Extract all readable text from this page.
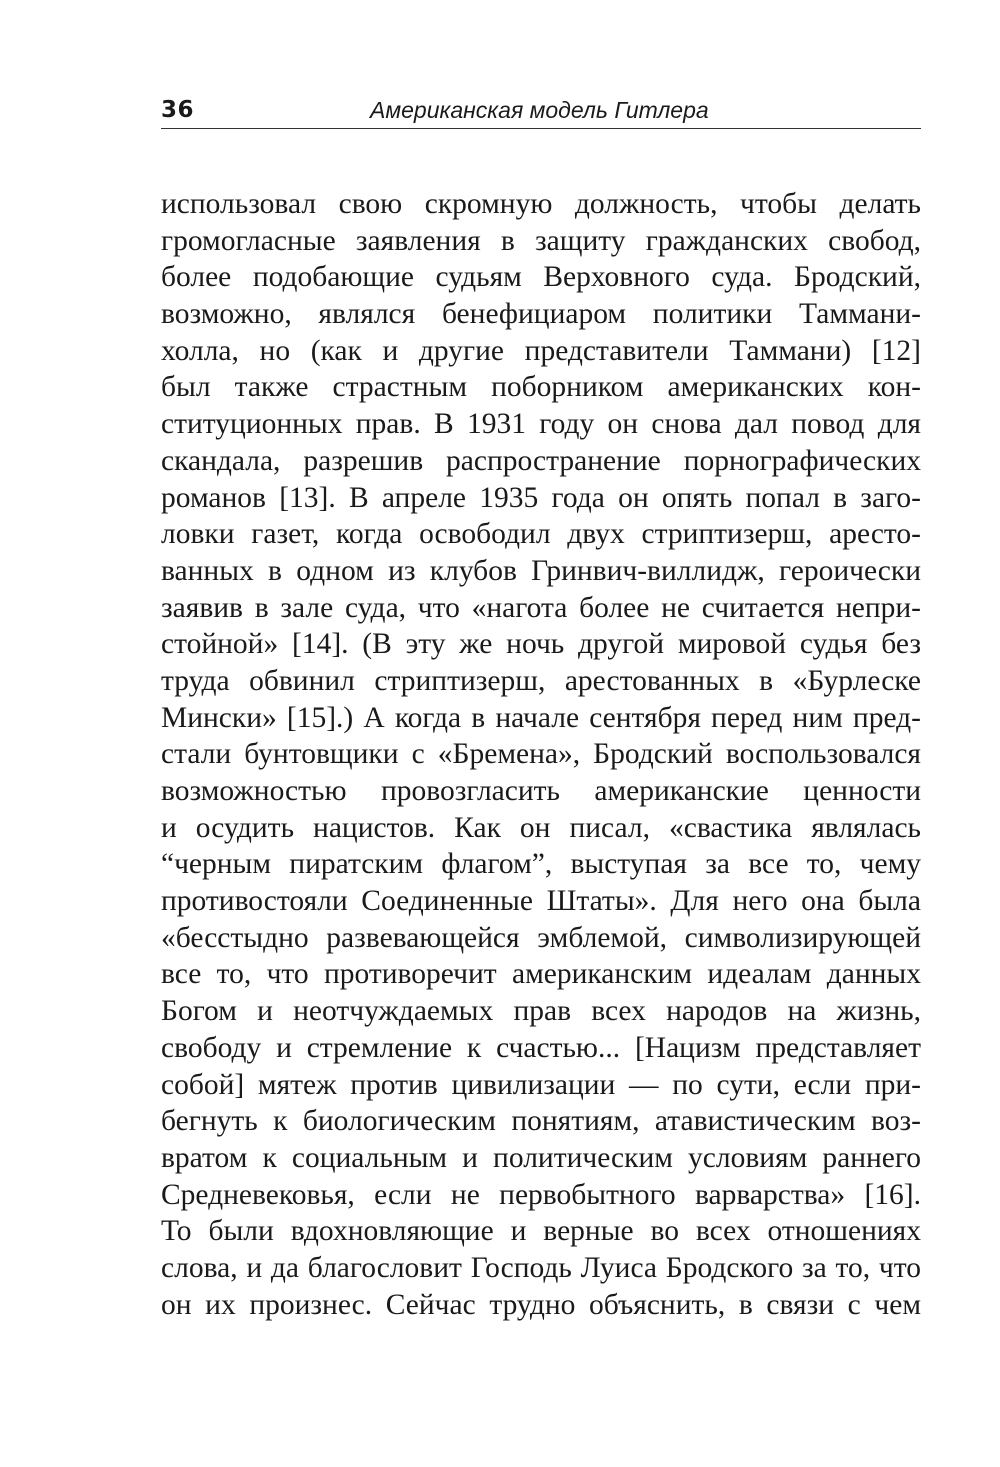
36	Американская модель Гитлера
использовал свою скромную должность, чтобы делать
громогласные заявления в защиту гражданских свобод,
более подобающие судьям Верховного суда. Бродский,
возможно, являлся бенефициаром политики Таммани-
холла, но (как и другие представители Таммани) [12]
был также страстным поборником американских кон-
ституционных прав. В 1931 году он снова дал повод для
скандала, разрешив распространение порнографических
романов [13]. В апреле 1935 года он опять попал в заго-
ловки газет, когда освободил двух стриптизерш, аресто-
ванных в одном из клубов Гринвич-виллидж, героически
заявив в зале суда, что «нагота более не считается непри-
стойной» [14]. (В эту же ночь другой мировой судья без
труда обвинил стриптизерш, арестованных в «Бурлеске
Мински» [15].) А когда в начале сентября перед ним пред-
стали бунтовщики с «Бремена», Бродский воспользовался
возможностью провозгласить американские ценности
и осудить нацистов. Как он писал, «свастика являлась
“черным пиратским флагом”, выступая за все то, чему
противостояли Соединенные Штаты». Для него она была
«бесстыдно развевающейся эмблемой, символизирующей
все то, что противоречит американским идеалам данных
Богом и неотчуждаемых прав всех народов на жизнь,
свободу и стремление к счастью... [Нацизм представляет
собой] мятеж против цивилизации — по сути, если при-
бегнуть к биологическим понятиям, атавистическим воз-
вратом к социальным и политическим условиям раннего
Средневековья, если не первобытного варварства» [16].
То были вдохновляющие и верные во всех отношениях
слова, и да благословит Господь Луиса Бродского за то, что
он их произнес. Сейчас трудно объяснить, в связи с чем
